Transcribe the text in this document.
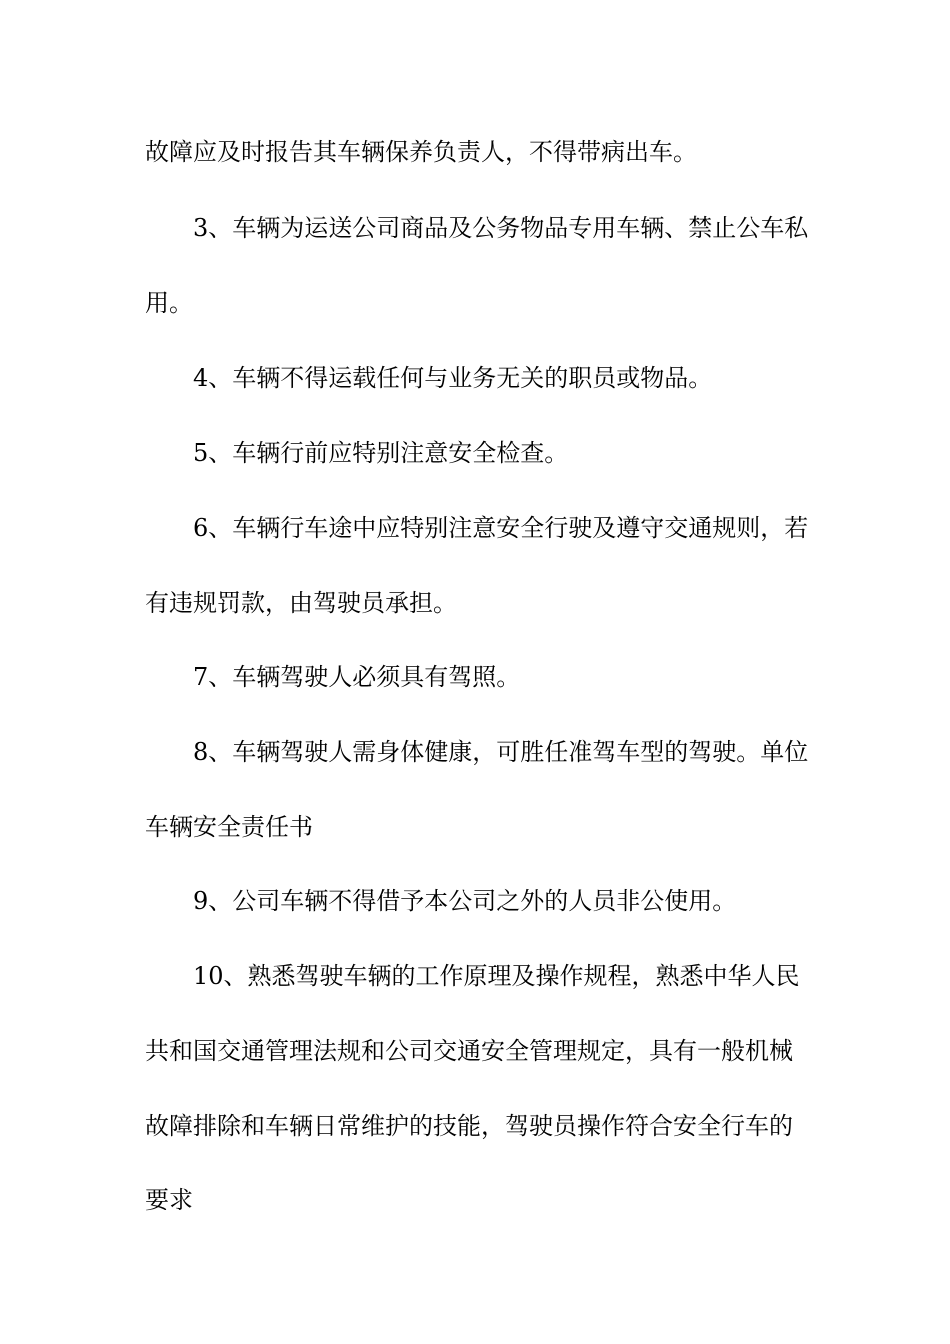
故障应及时报告其车辆保养负责人，不得带病出车。
3、车辆为运送公司商品及公务物品专用车辆、禁止公车私
用。
4、车辆不得运载任何与业务无关的职员或物品。
5、车辆行前应特别注意安全检查。
6、车辆行车途中应特别注意安全行驶及遵守交通规则，若
有违规罚款，由驾驶员承担。
7、车辆驾驶人必须具有驾照。
8、车辆驾驶人需身体健康，可胜任准驾车型的驾驶。单位
车辆安全责任书
9、公司车辆不得借予本公司之外的人员非公使用。
10、熟悉驾驶车辆的工作原理及操作规程，熟悉中华人民
共和国交通管理法规和公司交通安全管理规定，具有一般机械
故障排除和车辆日常维护的技能，驾驶员操作符合安全行车的
要求
